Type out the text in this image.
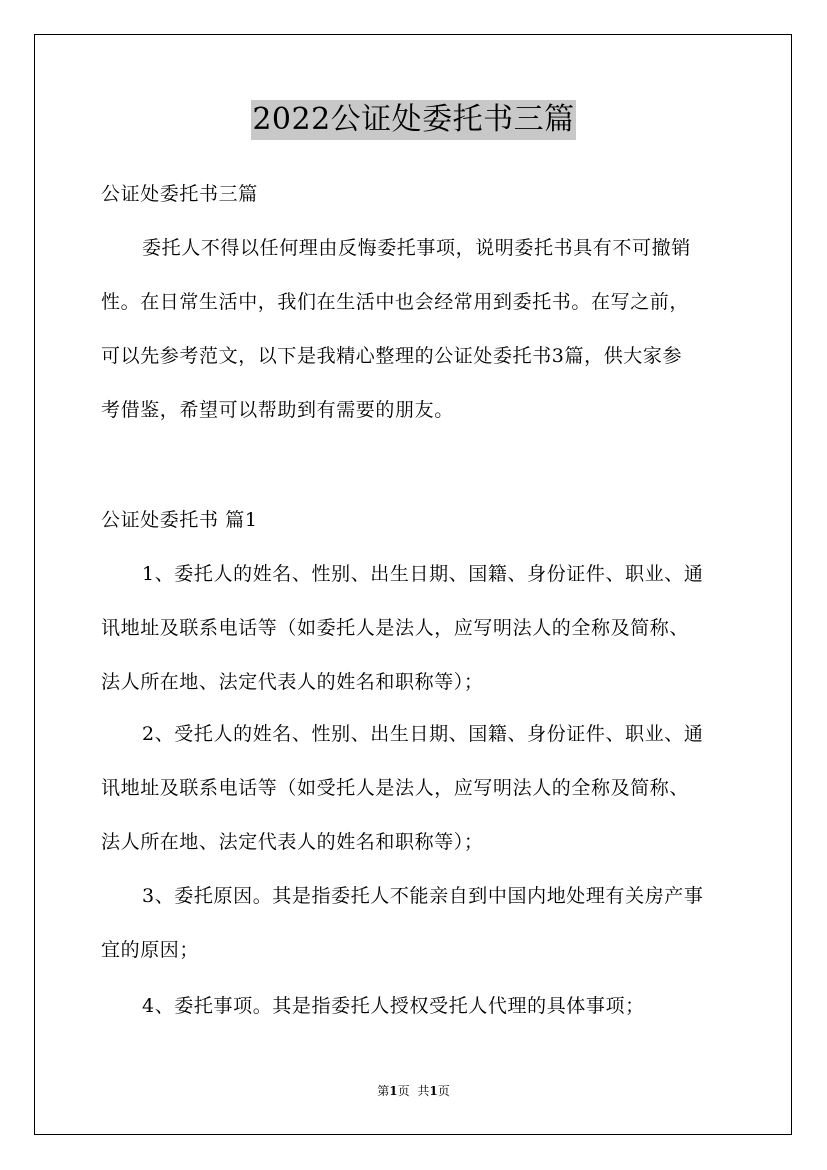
2022公证处委托书三篇
公证处委托书三篇
委托人不得以任何理由反悔委托事项，说明委托书具有不可撤销
性。在日常生活中，我们在生活中也会经常用到委托书。在写之前，
可以先参考范文，以下是我精心整理的公证处委托书3篇，供大家参
考借鉴，希望可以帮助到有需要的朋友。
公证处委托书 篇1
1、委托人的姓名、性别、出生日期、国籍、身份证件、职业、通
讯地址及联系电话等（如委托人是法人，应写明法人的全称及简称、
法人所在地、法定代表人的姓名和职称等）；
2、受托人的姓名、性别、出生日期、国籍、身份证件、职业、通
讯地址及联系电话等（如受托人是法人，应写明法人的全称及简称、
法人所在地、法定代表人的姓名和职称等）；
3、委托原因。其是指委托人不能亲自到中国内地处理有关房产事
宜的原因；
4、委托事项。其是指委托人授权受托人代理的具体事项；
第1页 共1页
